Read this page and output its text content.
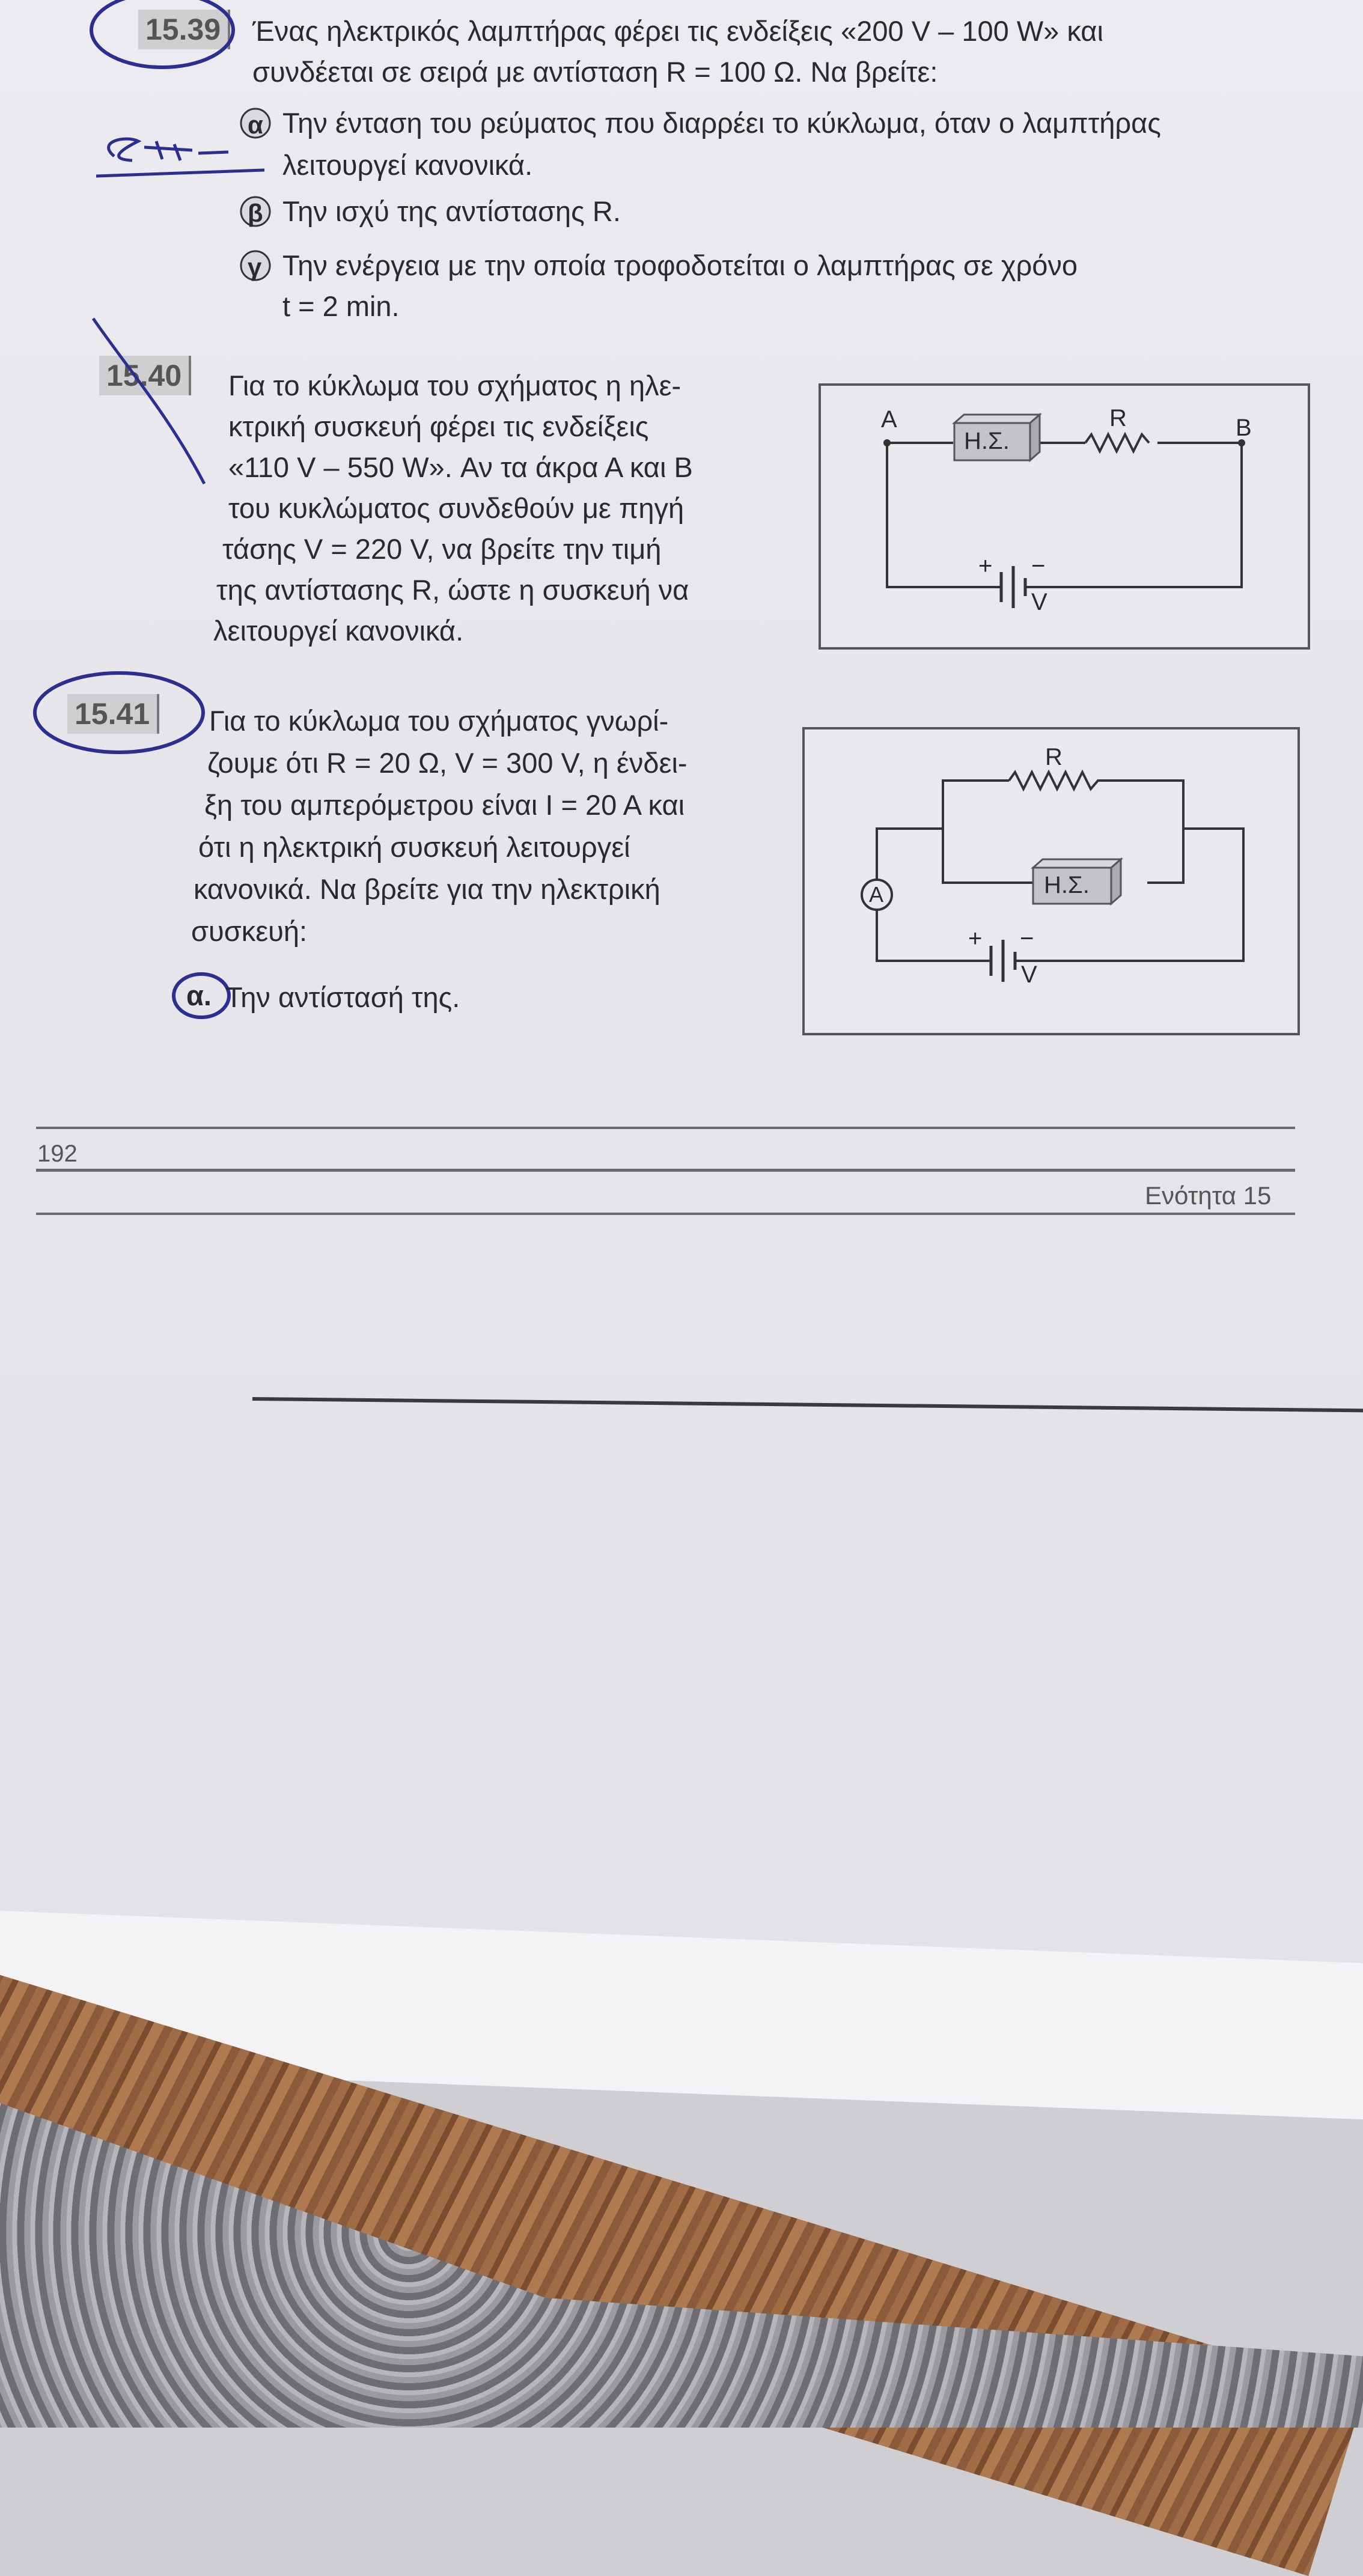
15.39	Ένας ηλεκτρικός λαμπτήρας φέρει τις ενδείξεις «200 V – 100 W» και
συνδέεται σε σειρά με αντίσταση R = 100 Ω. Να βρείτε:
α Την ένταση του ρεύματος που διαρρέει το κύκλωμα, όταν ο λαμπτήρας
λειτουργεί κανονικά.
β Την ισχύ της αντίστασης R.
γ Την ενέργεια με την οποία τροφοδοτείται ο λαμπτήρας σε χρόνο
t = 2 min.
15.40	Για το κύκλωμα του σχήματος η ηλε-
κτρική συσκευή φέρει τις ενδείξεις
«110 V – 550 W». Αν τα άκρα Α και Β
του κυκλώματος συνδεθούν με πηγή
τάσης V = 220 V, να βρείτε την τιμή
της αντίστασης R, ώστε η συσκευή να
λειτουργεί κανονικά.
Α	Β
R
Η.Σ.
+ −
V
15.41	Για το κύκλωμα του σχήματος γνωρί-
ζουμε ότι R = 20 Ω, V = 300 V, η ένδει-
ξη του αμπερόμετρου είναι I = 20 A και
ότι η ηλεκτρική συσκευή λειτουργεί
κανονικά. Να βρείτε για την ηλεκτρική
συσκευή:
α. Την αντίστασή της.
R
Η.Σ.
A
+ −
V
192
Ενότητα 15
